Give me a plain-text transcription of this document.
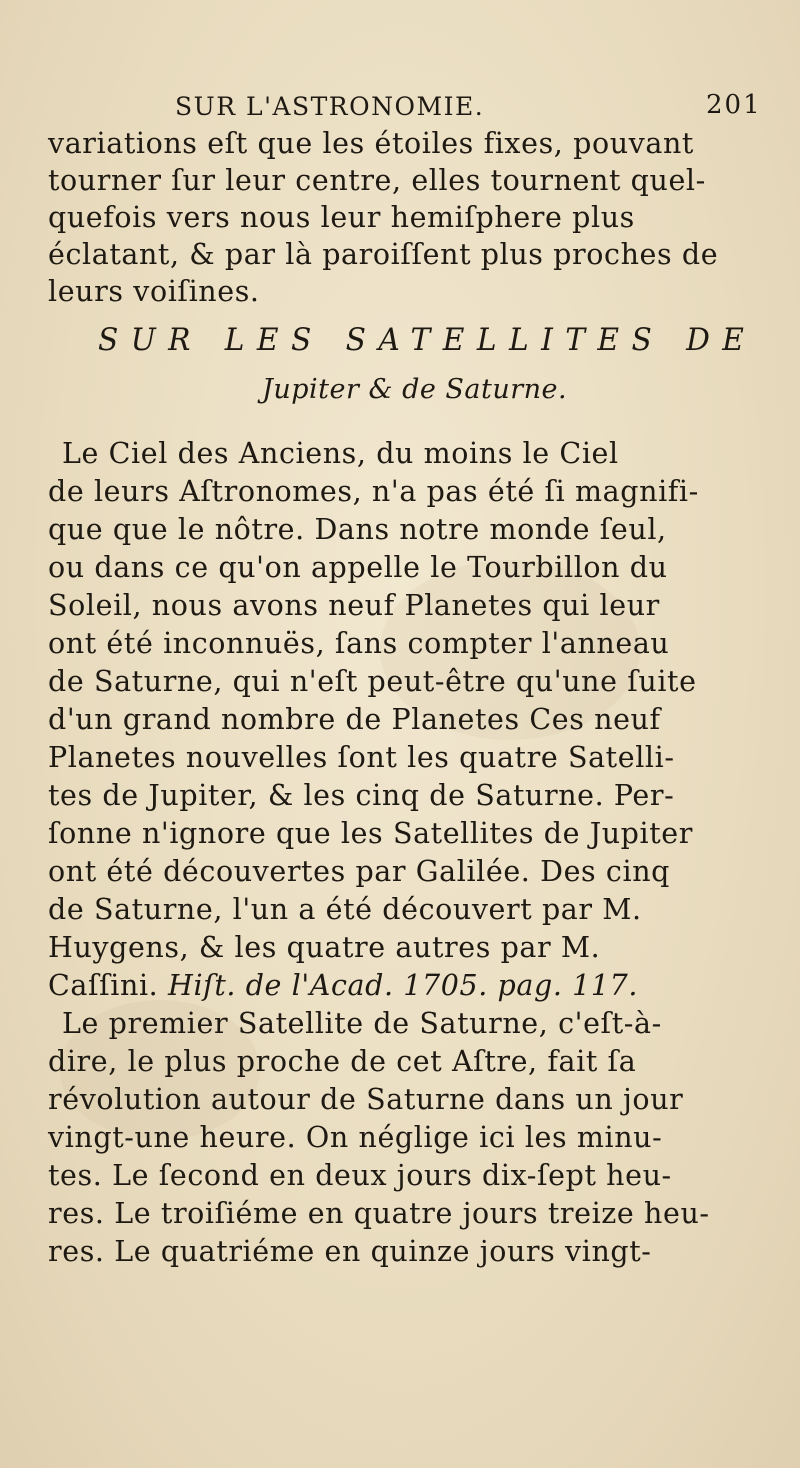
SUR L'ASTRONOMIE.	201
variations eſt que les étoiles fixes, pouvant
tourner ſur leur centre, elles tournent quel-
quefois vers nous leur hemiſphere plus
éclatant, & par là paroiſſent plus proches de
leurs voiſines.
SUR LES SATELLITES DE
Jupiter & de Saturne.
Le Ciel des Anciens, du moins le Ciel
de leurs Aſtronomes, n'a pas été ſi magnifi-
que que le nôtre. Dans notre monde ſeul,
ou dans ce qu'on appelle le Tourbillon du
Soleil, nous avons neuf Planetes qui leur
ont été inconnuës, ſans compter l'anneau
de Saturne, qui n'eſt peut-être qu'une ſuite
d'un grand nombre de Planetes Ces neuf
Planetes nouvelles ſont les quatre Satelli-
tes de Jupiter, & les cinq de Saturne. Per-
ſonne n'ignore que les Satellites de Jupiter
ont été découvertes par Galilée. Des cinq
de Saturne, l'un a été découvert par M.
Huygens, & les quatre autres par M.
Caſſini. Hiſt. de l'Acad. 1705. pag. 117.
Le premier Satellite de Saturne, c'eſt-à-
dire, le plus proche de cet Aſtre, fait ſa
révolution autour de Saturne dans un jour
vingt-une heure. On néglige ici les minu-
tes. Le ſecond en deux jours dix-ſept heu-
res. Le troiſiéme en quatre jours treize heu-
res. Le quatriéme en quinze jours vingt-
